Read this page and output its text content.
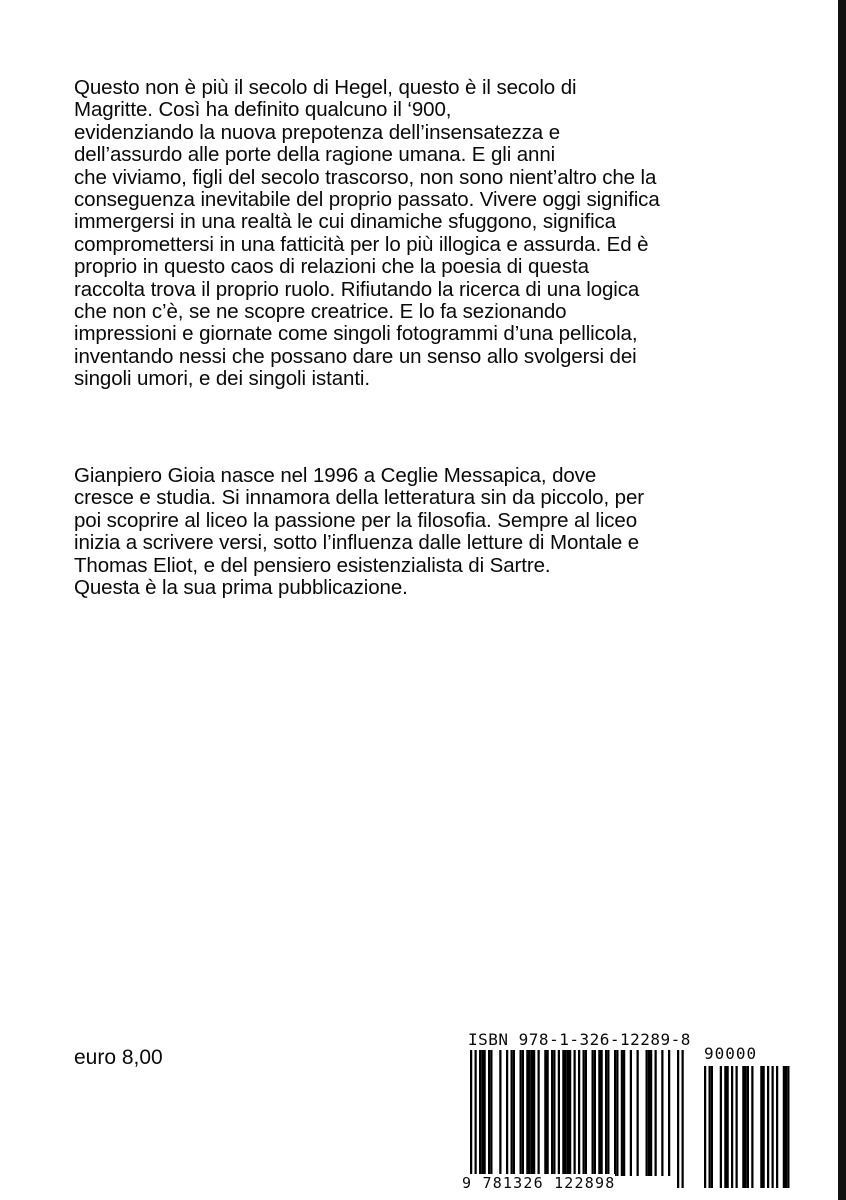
Questo non è più il secolo di Hegel, questo è il secolo di
Magritte. Così ha definito qualcuno il ‘900,
evidenziando la nuova prepotenza dell’insensatezza e
dell’assurdo alle porte della ragione umana. E gli anni
che viviamo, figli del secolo trascorso, non sono nient’altro che la
conseguenza inevitabile del proprio passato. Vivere oggi significa
immergersi in una realtà le cui dinamiche sfuggono, significa
compromettersi in una fatticità per lo più illogica e assurda. Ed è
proprio in questo caos di relazioni che la poesia di questa
raccolta trova il proprio ruolo. Rifiutando la ricerca di una logica
che non c’è, se ne scopre creatrice. E lo fa sezionando
impressioni e giornate come singoli fotogrammi d’una pellicola,
inventando nessi che possano dare un senso allo svolgersi dei
singoli umori, e dei singoli istanti.
Gianpiero Gioia nasce nel 1996 a Ceglie Messapica, dove
cresce e studia. Si innamora della letteratura sin da piccolo, per
poi scoprire al liceo la passione per la filosofia. Sempre al liceo
inizia a scrivere versi, sotto l’influenza dalle letture di Montale e
Thomas Eliot, e del pensiero esistenzialista di Sartre.
Questa è la sua prima pubblicazione.
euro 8,00
ISBN 978-1-326-12289-8
90000
9 781326 122898
